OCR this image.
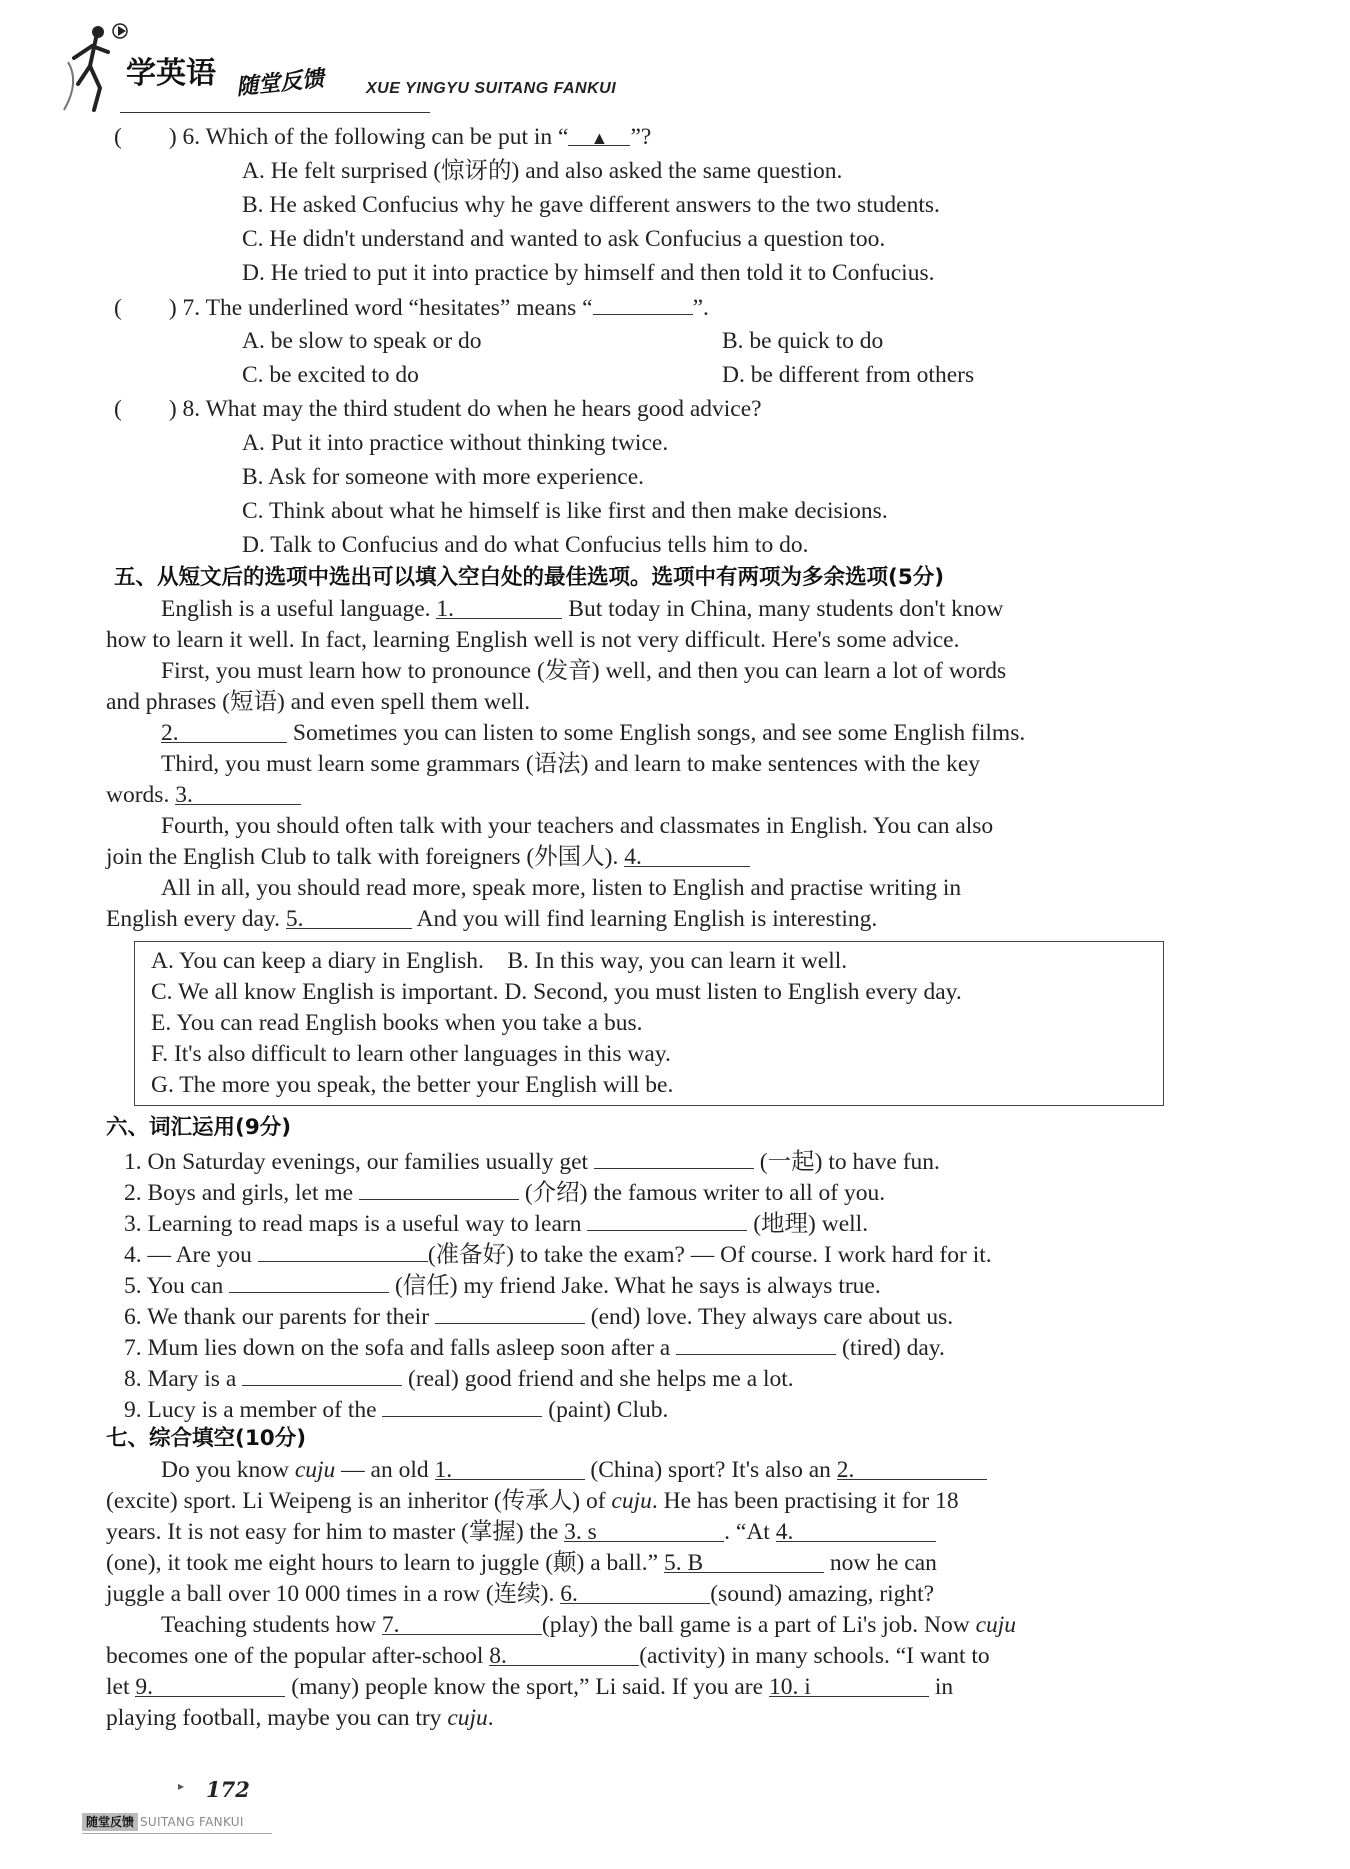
学英语 随堂反馈	XUE YINGYU SUITANG FANKUI
(　　) 6. Which of the following can be put in “ ▲ ”?
A. He felt surprised (惊讶的) and also asked the same question.
B. He asked Confucius why he gave different answers to the two students.
C. He didn't understand and wanted to ask Confucius a question too.
D. He tried to put it into practice by himself and then told it to Confucius.
(　　) 7. The underlined word “hesitates” means “	”.
A. be slow to speak or do	B. be quick to do
C. be excited to do	D. be different from others
(　　) 8. What may the third student do when he hears good advice?
A. Put it into practice without thinking twice.
B. Ask for someone with more experience.
C. Think about what he himself is like first and then make decisions.
D. Talk to Confucius and do what Confucius tells him to do.
五、从短文后的选项中选出可以填入空白处的最佳选项。选项中有两项为多余选项(5分)
English is a useful language. 1.	But today in China, many students don't know
how to learn it well. In fact, learning English well is not very difficult. Here's some advice.
First, you must learn how to pronounce (发音) well, and then you can learn a lot of words
and phrases (短语) and even spell them well.
2.	Sometimes you can listen to some English songs, and see some English films.
Third, you must learn some grammars (语法) and learn to make sentences with the key
words. 3.
Fourth, you should often talk with your teachers and classmates in English. You can also
join the English Club to talk with foreigners (外国人). 4.
All in all, you should read more, speak more, listen to English and practise writing in
English every day. 5.	And you will find learning English is interesting.
A. You can keep a diary in English.　B. In this way, you can learn it well.
C. We all know English is important. D. Second, you must listen to English every day.
E. You can read English books when you take a bus.
F. It's also difficult to learn other languages in this way.
G. The more you speak, the better your English will be.
六、词汇运用(9分)
1. On Saturday evenings, our families usually get	(一起) to have fun.
2. Boys and girls, let me	(介绍) the famous writer to all of you.
3. Learning to read maps is a useful way to learn	(地理) well.
4. — Are you	(准备好) to take the exam? — Of course. I work hard for it.
5. You can	(信任) my friend Jake. What he says is always true.
6. We thank our parents for their	(end) love. They always care about us.
7. Mum lies down on the sofa and falls asleep soon after a	(tired) day.
8. Mary is a	(real) good friend and she helps me a lot.
9. Lucy is a member of the	(paint) Club.
七、综合填空(10分)
Do you know cuju — an old 1.	(China) sport? It's also an 2.
(excite) sport. Li Weipeng is an inheritor (传承人) of cuju. He has been practising it for 18
years. It is not easy for him to master (掌握) the 3. s	. “At 4.
(one), it took me eight hours to learn to juggle (颠) a ball.” 5. B	now he can
juggle a ball over 10 000 times in a row (连续). 6.	(sound) amazing, right?
Teaching students how 7.	(play) the ball game is a part of Li's job. Now cuju
becomes one of the popular after-school 8.	(activity) in many schools. “I want to
let 9.	(many) people know the sport,” Li said. If you are 10. i	in
playing football, maybe you can try cuju.
▸ 172
随堂反馈 SUITANG FANKUI
